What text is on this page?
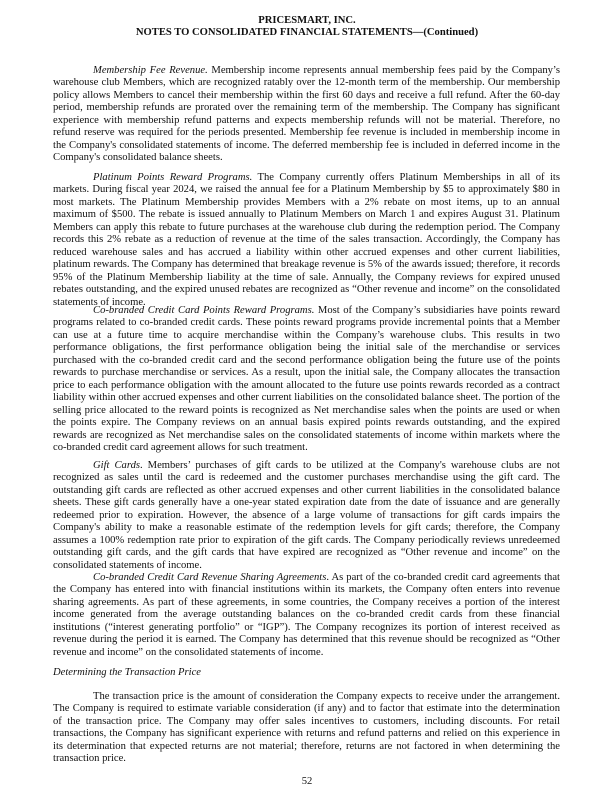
PRICESMART, INC.
NOTES TO CONSOLIDATED FINANCIAL STATEMENTS—(Continued)

Membership Fee Revenue. Membership income represents annual membership fees paid by the Company’s warehouse club Members, which are recognized ratably over the 12-month term of the membership. Our membership policy allows Members to cancel their membership within the first 60 days and receive a full refund. After the 60-day period, membership refunds are prorated over the remaining term of the membership. The Company has significant experience with membership refund patterns and expects membership refunds will not be material. Therefore, no refund reserve was required for the periods presented. Membership fee revenue is included in membership income in the Company's consolidated statements of income. The deferred membership fee is included in deferred income in the Company's consolidated balance sheets.

Platinum Points Reward Programs. The Company currently offers Platinum Memberships in all of its markets. During fiscal year 2024, we raised the annual fee for a Platinum Membership by $5 to approximately $80 in most markets. The Platinum Membership provides Members with a 2% rebate on most items, up to an annual maximum of $500. The rebate is issued annually to Platinum Members on March 1 and expires August 31. Platinum Members can apply this rebate to future purchases at the warehouse club during the redemption period. The Company records this 2% rebate as a reduction of revenue at the time of the sales transaction. Accordingly, the Company has reduced warehouse sales and has accrued a liability within other accrued expenses and other current liabilities, platinum rewards. The Company has determined that breakage revenue is 5% of the awards issued; therefore, it records 95% of the Platinum Membership liability at the time of sale. Annually, the Company reviews for expired unused rebates outstanding, and the expired unused rebates are recognized as “Other revenue and income” on the consolidated statements of income.

Co-branded Credit Card Points Reward Programs. Most of the Company’s subsidiaries have points reward programs related to co-branded credit cards. These points reward programs provide incremental points that a Member can use at a future time to acquire merchandise within the Company’s warehouse clubs. This results in two performance obligations, the first performance obligation being the initial sale of the merchandise or services purchased with the co-branded credit card and the second performance obligation being the future use of the points rewards to purchase merchandise or services. As a result, upon the initial sale, the Company allocates the transaction price to each performance obligation with the amount allocated to the future use points rewards recorded as a contract liability within other accrued expenses and other current liabilities on the consolidated balance sheet. The portion of the selling price allocated to the reward points is recognized as Net merchandise sales when the points are used or when the points expire. The Company reviews on an annual basis expired points rewards outstanding, and the expired rewards are recognized as Net merchandise sales on the consolidated statements of income within markets where the co-branded credit card agreement allows for such treatment.

Gift Cards. Members’ purchases of gift cards to be utilized at the Company's warehouse clubs are not recognized as sales until the card is redeemed and the customer purchases merchandise using the gift card. The outstanding gift cards are reflected as other accrued expenses and other current liabilities in the consolidated balance sheets. These gift cards generally have a one-year stated expiration date from the date of issuance and are generally redeemed prior to expiration. However, the absence of a large volume of transactions for gift cards impairs the Company's ability to make a reasonable estimate of the redemption levels for gift cards; therefore, the Company assumes a 100% redemption rate prior to expiration of the gift cards. The Company periodically reviews unredeemed outstanding gift cards, and the gift cards that have expired are recognized as “Other revenue and income” on the consolidated statements of income.

Co-branded Credit Card Revenue Sharing Agreements. As part of the co-branded credit card agreements that the Company has entered into with financial institutions within its markets, the Company often enters into revenue sharing agreements. As part of these agreements, in some countries, the Company receives a portion of the interest income generated from the average outstanding balances on the co-branded credit cards from these financial institutions (“interest generating portfolio” or “IGP”). The Company recognizes its portion of interest received as revenue during the period it is earned. The Company has determined that this revenue should be recognized as “Other revenue and income” on the consolidated statements of income.

Determining the Transaction Price

The transaction price is the amount of consideration the Company expects to receive under the arrangement. The Company is required to estimate variable consideration (if any) and to factor that estimate into the determination of the transaction price. The Company may offer sales incentives to customers, including discounts. For retail transactions, the Company has significant experience with returns and refund patterns and relied on this experience in its determination that expected returns are not material; therefore, returns are not factored in when determining the transaction price.

52
